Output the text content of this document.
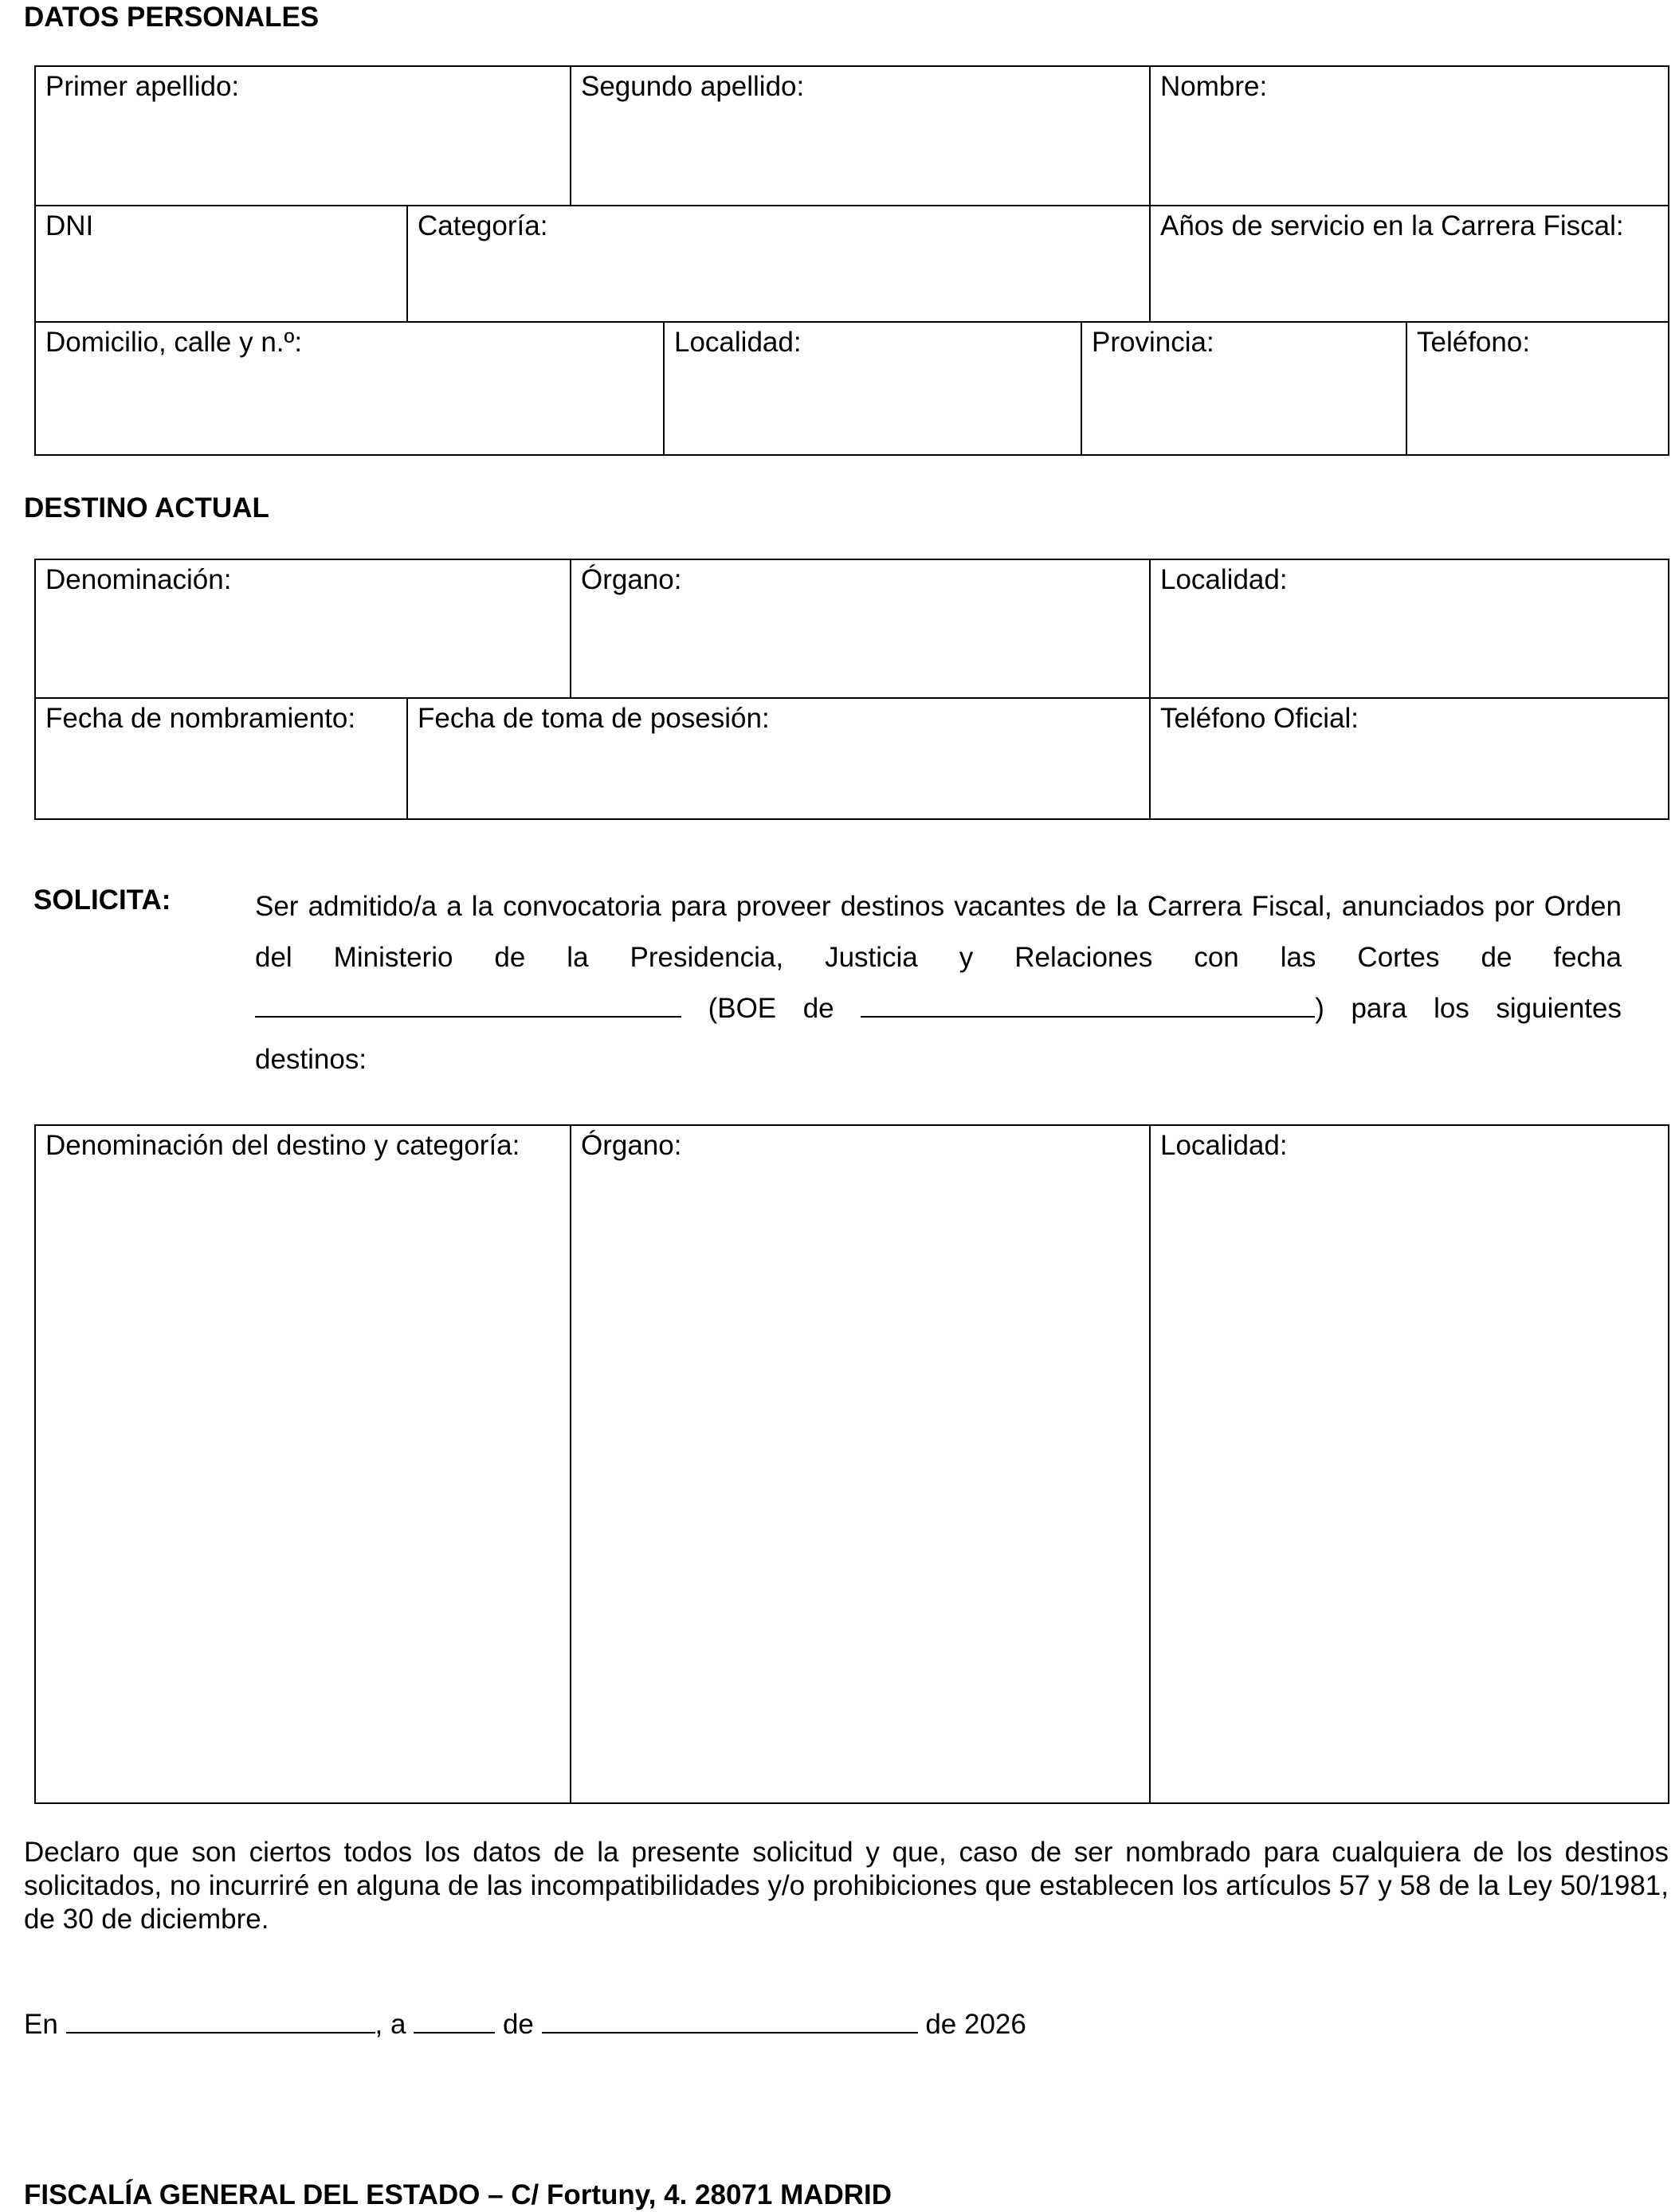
DATOS PERSONALES
Primer apellido:	Segundo apellido:	Nombre:
DNI	Categoría:	Años de servicio en la Carrera Fiscal:
Domicilio, calle y n.º:	Localidad:	Provincia:	Teléfono:
DESTINO ACTUAL
Denominación:	Órgano:	Localidad:
Fecha de nombramiento:	Fecha de toma de posesión:	Teléfono Oficial:
SOLICITA:	Ser admitido/a a la convocatoria para proveer destinos vacantes de la Carrera Fiscal, anunciados por Orden del Ministerio de la Presidencia, Justicia y Relaciones con las Cortes de fecha  (BOE de	) para los siguientes destinos:
Denominación del destino y categoría:	Órgano:	Localidad:
Declaro que son ciertos todos los datos de la presente solicitud y que, caso de ser nombrado para cualquiera de los destinos solicitados, no incurriré en alguna de las incompatibilidades y/o prohibiciones que establecen los artículos 57 y 58 de la Ley 50/1981, de 30 de diciembre.
En	, a	de	de 2026
FISCALÍA GENERAL DEL ESTADO – C/ Fortuny, 4. 28071 MADRID
